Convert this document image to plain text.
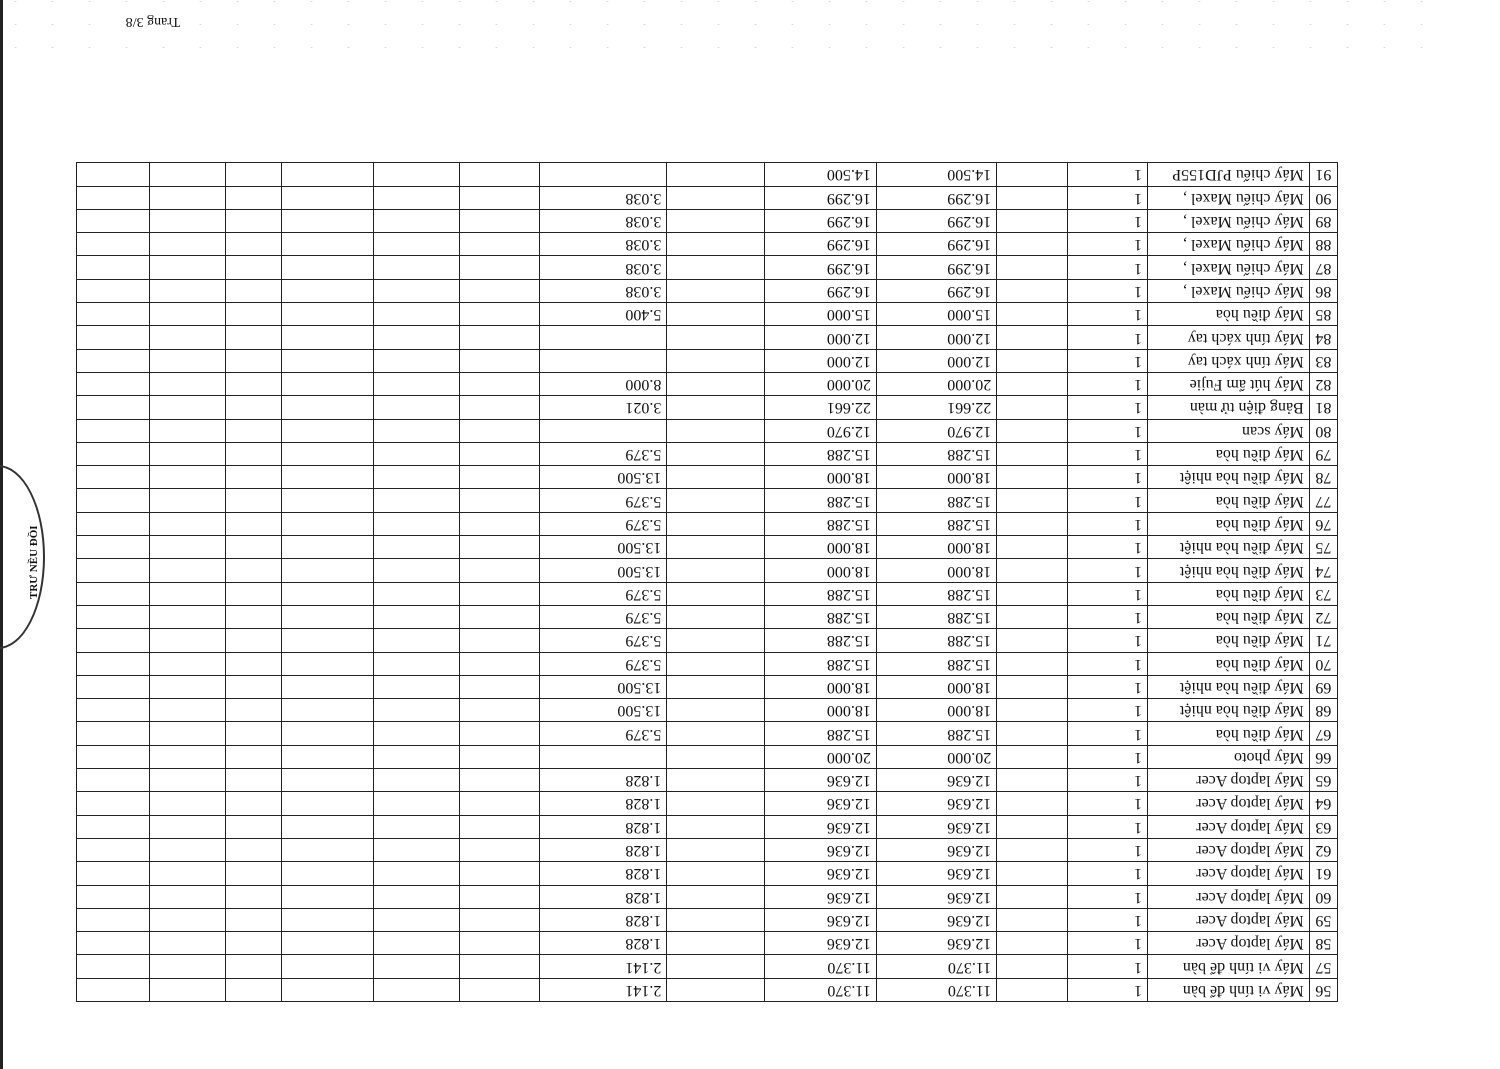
Trang 3/8
TRƯ NỀU ĐỒI
56	Máy vi tính để bàn	1		11.370	11.370		2.141						
57	Máy vi tính để bàn	1		11.370	11.370		2.141						
58	Máy laptop Acer	1		12.636	12.636		1.828						
59	Máy laptop Acer	1		12.636	12.636		1.828						
60	Máy laptop Acer	1		12.636	12.636		1.828						
61	Máy laptop Acer	1		12.636	12.636		1.828						
62	Máy laptop Acer	1		12.636	12.636		1.828						
63	Máy laptop Acer	1		12.636	12.636		1.828						
64	Máy laptop Acer	1		12.636	12.636		1.828						
65	Máy laptop Acer	1		12.636	12.636		1.828						
66	Máy photo	1		20.000	20.000								
67	Máy điều hòa	1		15.288	15.288		5.379						
68	Máy điều hòa nhiệt	1		18.000	18.000		13.500						
69	Máy điều hòa nhiệt	1		18.000	18.000		13.500						
70	Máy điều hòa	1		15.288	15.288		5.379						
71	Máy điều hòa	1		15.288	15.288		5.379						
72	Máy điều hòa	1		15.288	15.288		5.379						
73	Máy điều hòa	1		15.288	15.288		5.379						
74	Máy điều hòa nhiệt	1		18.000	18.000		13.500						
75	Máy điều hòa nhiệt	1		18.000	18.000		13.500						
76	Máy điều hòa	1		15.288	15.288		5.379						
77	Máy điều hòa	1		15.288	15.288		5.379						
78	Máy điều hòa nhiệt	1		18.000	18.000		13.500						
79	Máy điều hòa	1		15.288	15.288		5.379						
80	Máy scan	1		12.970	12.970								
81	Bảng điện tử màn	1		22.661	22.661		3.021						
82	Máy hút ẩm Fujie	1		20.000	20.000		8.000						
83	Máy tính xách tay	1		12.000	12.000								
84	Máy tính xách tay	1		12.000	12.000								
85	Máy điều hòa	1		15.000	15.000		5.400						
86	Máy chiếu Maxel ,	1		16.299	16.299		3.038						
87	Máy chiếu Maxel ,	1		16.299	16.299		3.038						
88	Máy chiếu Maxel ,	1		16.299	16.299		3.038						
89	Máy chiếu Maxel ,	1		16.299	16.299		3.038						
90	Máy chiếu Maxel ,	1		16.299	16.299		3.038						
91	Máy chiếu PJD155P	1		14.500	14.500								
